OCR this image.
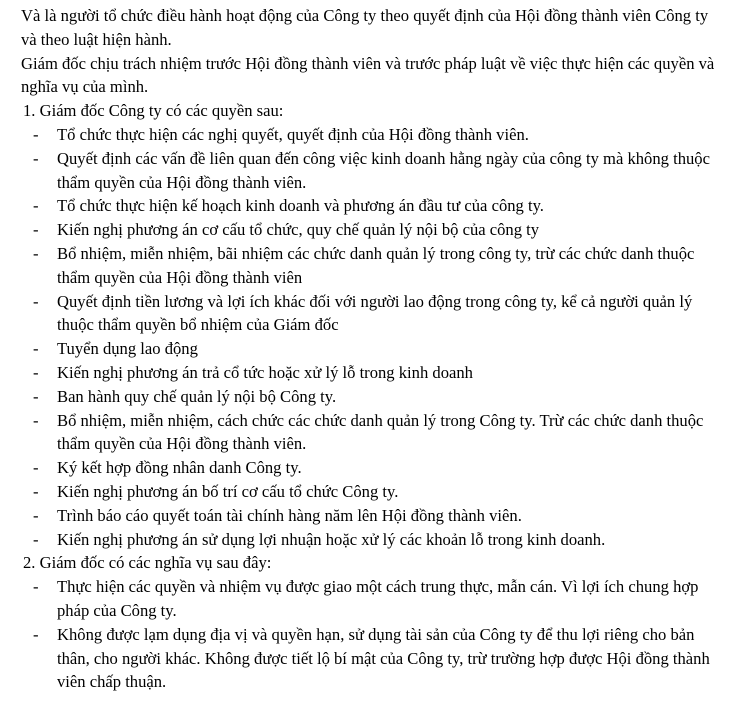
Và là người tổ chức điều hành hoạt động của Công ty theo quyết định của Hội đồng thành viên Công ty và theo luật hiện hành.

Giám đốc chịu trách nhiệm trước Hội đồng thành viên và trước pháp luật về việc thực hiện các quyền và nghĩa vụ của mình.

1. Giám đốc Công ty có các quyền sau:

- Tổ chức thực hiện các nghị quyết, quyết định của Hội đồng thành viên.
- Quyết định các vấn đề liên quan đến công việc kinh doanh hằng ngày của công ty mà không thuộc thẩm quyền của Hội đồng thành viên.
- Tổ chức thực hiện kế hoạch kinh doanh và phương án đầu tư của công ty.
- Kiến nghị phương án cơ cấu tổ chức, quy chế quản lý nội bộ của công ty
- Bổ nhiệm, miễn nhiệm, bãi nhiệm các chức danh quản lý trong công ty, trừ các chức danh thuộc thẩm quyền của Hội đồng thành viên
- Quyết định tiền lương và lợi ích khác đối với người lao động trong công ty, kể cả người quản lý thuộc thẩm quyền bổ nhiệm của Giám đốc
- Tuyển dụng lao động
- Kiến nghị phương án trả cổ tức hoặc xử lý lỗ trong kinh doanh
- Ban hành quy chế quản lý nội bộ Công ty.
- Bổ nhiệm, miễn nhiệm, cách chức các chức danh quản lý trong Công ty. Trừ các chức danh thuộc thẩm quyền của Hội đồng thành viên.
- Ký kết hợp đồng nhân danh Công ty.
- Kiến nghị phương án bố trí cơ cấu tổ chức Công ty.
- Trình báo cáo quyết toán tài chính hàng năm lên Hội đồng thành viên.
- Kiến nghị phương án sử dụng lợi nhuận hoặc xử lý các khoản lỗ trong kinh doanh.

2. Giám đốc có các nghĩa vụ sau đây:

- Thực hiện các quyền và nhiệm vụ được giao một cách trung thực, mẫn cán. Vì lợi ích chung hợp pháp của Công ty.
- Không được lạm dụng địa vị và quyền hạn, sử dụng tài sản của Công ty để thu lợi riêng cho bản thân, cho người khác. Không được tiết lộ bí mật của Công ty, trừ trường hợp được Hội đồng thành viên chấp thuận.
